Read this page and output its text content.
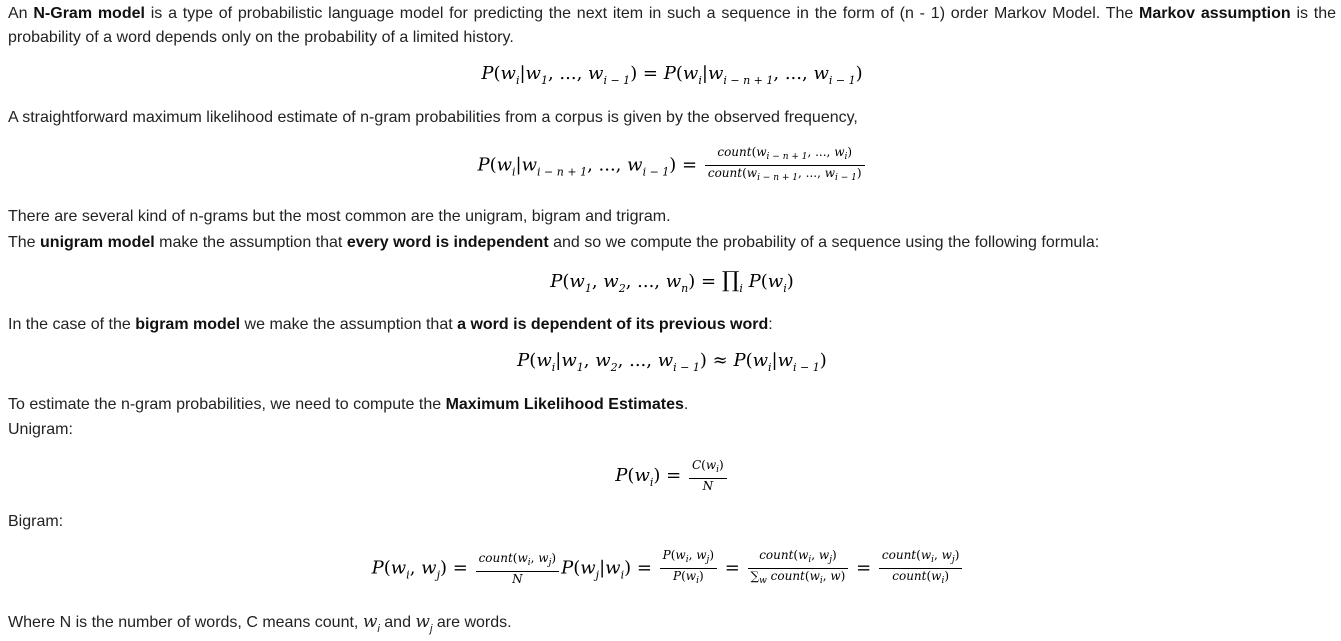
An N-Gram model is a type of probabilistic language model for predicting the next item in such a sequence in the form of (n - 1) order Markov Model. The Markov assumption is the probability of a word depends only on the probability of a limited history.
$P(w_i|w_1$, ..., $w_{i - 1}) = P(w_i|w_{i - n + 1}$, ..., $w_{i - 1}$)
A straightforward maximum likelihood estimate of n-gram probabilities from a corpus is given by the observed frequency,
$P(w_i|w_{i - n + 1}$, ..., $w_{i - 1}) = \frac{count(w_{i - n + 1}, ..., w_i)}{count(w_{i - n + 1}, ..., w_{i - 1})}$
There are several kind of n-grams but the most common are the unigram, bigram and trigram.
The unigram model make the assumption that every word is independent and so we compute the probability of a sequence using the following formula:
$P(w_1$, $w_2$, ..., $w_n$) = $\prod_i$ $P(w_i)$
In the case of the bigram model we make the assumption that a word is dependent of its previous word:
$P(w_i|w_1$, $w_2$, ..., $w_{i - 1}) \approx P(w_i|w_{i - 1})$
To estimate the n-gram probabilities, we need to compute the Maximum Likelihood Estimates.
Unigram:
$P(w_i) = \frac{C(w_i)}{N}$
Bigram:
$P(w_i$, $w_j) = \frac{count(w_i, w_j)}{N} P(w_j|w_i) = \frac{P(w_i, w_j)}{P(w_i)} = \frac{count(w_i, w_j)}{\sum_w count(w_i, w)} = \frac{count(w_i, w_j)}{count(w_i)}$
Where N is the number of words, C means count, $w_i$ and $w_j$ are words.
